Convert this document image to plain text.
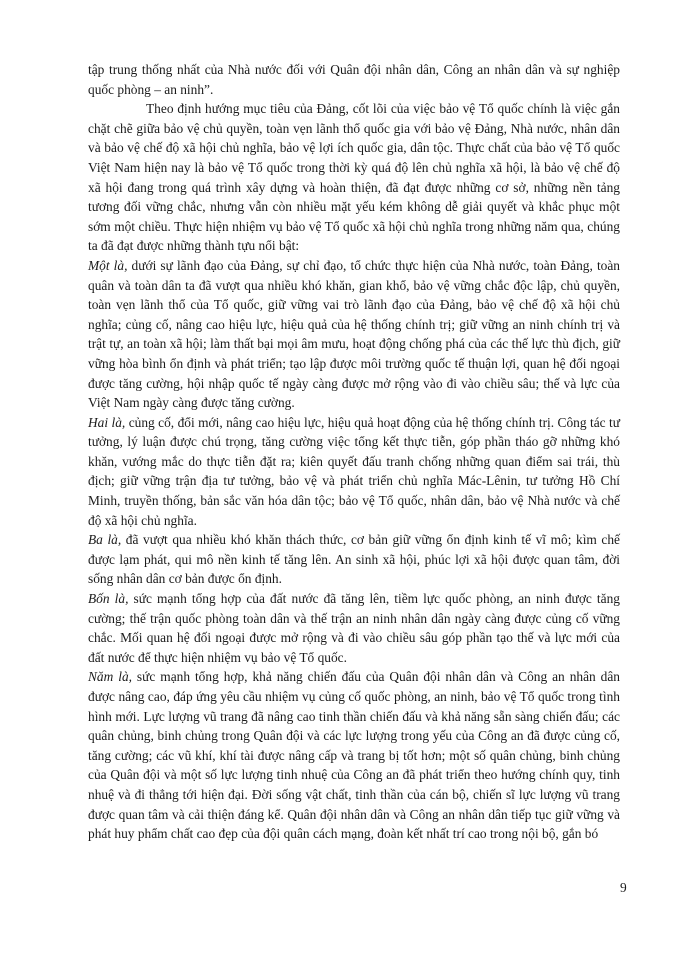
tập trung thống nhất của Nhà nước đối với Quân đội nhân dân, Công an nhân dân và sự nghiệp quốc phòng – an ninh”.

Theo định hướng mục tiêu của Đảng, cốt lõi của việc bảo vệ Tổ quốc chính là việc gắn chặt chẽ giữa bảo vệ chủ quyền, toàn vẹn lãnh thổ quốc gia với bảo vệ Đảng, Nhà nước, nhân dân và bảo vệ chế độ xã hội chủ nghĩa, bảo vệ lợi ích quốc gia, dân tộc. Thực chất của bảo vệ Tổ quốc Việt Nam hiện nay là bảo vệ Tổ quốc trong thời kỳ quá độ lên chủ nghĩa xã hội, là bảo vệ chế độ xã hội đang trong quá trình xây dựng và hoàn thiện, đã đạt được những cơ sở, những nền tảng tương đối vững chắc, nhưng vẫn còn nhiều mặt yếu kém không dễ giải quyết và khắc phục một sớm một chiều. Thực hiện nhiệm vụ bảo vệ Tổ quốc xã hội chủ nghĩa trong những năm qua, chúng ta đã đạt được những thành tựu nổi bật:

Một là, dưới sự lãnh đạo của Đảng, sự chỉ đạo, tổ chức thực hiện của Nhà nước, toàn Đảng, toàn quân và toàn dân ta đã vượt qua nhiều khó khăn, gian khổ, bảo vệ vững chắc độc lập, chủ quyền, toàn vẹn lãnh thổ của Tổ quốc, giữ vững vai trò lãnh đạo của Đảng, bảo vệ chế độ xã hội chủ nghĩa; củng cố, nâng cao hiệu lực, hiệu quả của hệ thống chính trị; giữ vững an ninh chính trị và trật tự, an toàn xã hội; làm thất bại mọi âm mưu, hoạt động chống phá của các thế lực thù địch, giữ vững hòa bình ổn định và phát triển; tạo lập được môi trường quốc tế thuận lợi, quan hệ đối ngoại được tăng cường, hội nhập quốc tế ngày càng được mở rộng vào đi vào chiều sâu; thế và lực của Việt Nam ngày càng được tăng cường.

Hai là, củng cố, đổi mới, nâng cao hiệu lực, hiệu quả hoạt động của hệ thống chính trị. Công tác tư tưởng, lý luận được chú trọng, tăng cường việc tổng kết thực tiễn, góp phần tháo gỡ những khó khăn, vướng mắc do thực tiễn đặt ra; kiên quyết đấu tranh chống những quan điểm sai trái, thù địch; giữ vững trận địa tư tưởng, bảo vệ và phát triển chủ nghĩa Mác-Lênin, tư tưởng Hồ Chí Minh, truyền thống, bản sắc văn hóa dân tộc; bảo vệ Tổ quốc, nhân dân, bảo vệ Nhà nước và chế độ xã hội chủ nghĩa.

Ba là, đã vượt qua nhiều khó khăn thách thức, cơ bản giữ vững ổn định kinh tế vĩ mô; kìm chế được lạm phát, qui mô nền kinh tế tăng lên. An sinh xã hội, phúc lợi xã hội được quan tâm, đời sống nhân dân cơ bản được ổn định.

Bốn là, sức mạnh tổng hợp của đất nước đã tăng lên, tiềm lực quốc phòng, an ninh được tăng cường; thế trận quốc phòng toàn dân và thế trận an ninh nhân dân ngày càng được củng cố vững chắc. Mối quan hệ đối ngoại được mở rộng và đi vào chiều sâu góp phần tạo thế và lực mới của đất nước để thực hiện nhiệm vụ bảo vệ Tổ quốc.

Năm là, sức mạnh tổng hợp, khả năng chiến đấu của Quân đội nhân dân và Công an nhân dân được nâng cao, đáp ứng yêu cầu nhiệm vụ củng cố quốc phòng, an ninh, bảo vệ Tổ quốc trong tình hình mới. Lực lượng vũ trang đã nâng cao tinh thần chiến đấu và khả năng sẵn sàng chiến đấu; các quân chủng, binh chủng trong Quân đội và các lực lượng trong yếu của Công an đã được củng cố, tăng cường; các vũ khí, khí tài được nâng cấp và trang bị tốt hơn; một số quân chủng, binh chủng của Quân đội và một số lực lượng tinh nhuệ của Công an đã phát triển theo hướng chính quy, tinh nhuệ và đi thẳng tới hiện đại. Đời sống vật chất, tinh thần của cán bộ, chiến sĩ lực lượng vũ trang được quan tâm và cải thiện đáng kể. Quân đội nhân dân và Công an nhân dân tiếp tục giữ vững và phát huy phẩm chất cao đẹp của đội quân cách mạng, đoàn kết nhất trí cao trong nội bộ, gắn bó

9
